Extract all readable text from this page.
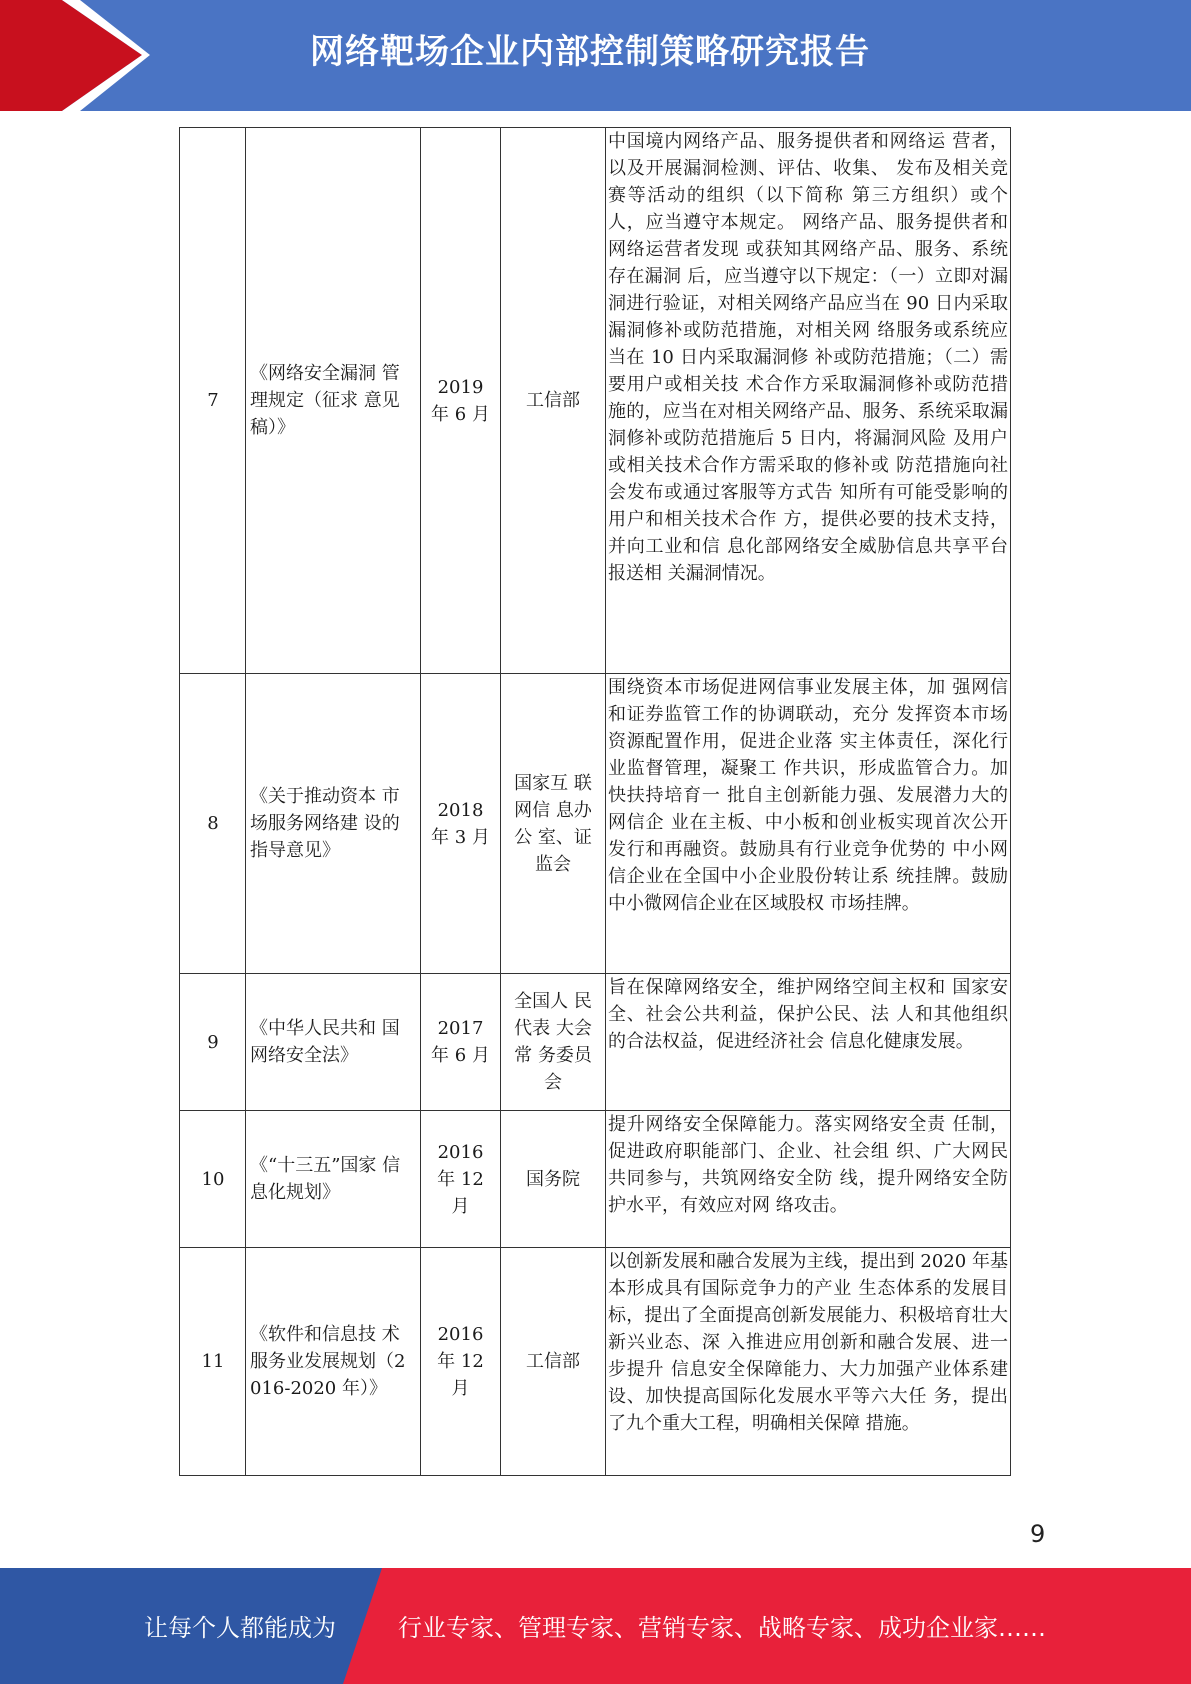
网络靶场企业内部控制策略研究报告
7	《网络安全漏洞 管理规定（征求 意见稿）》	2019 年 6 月	工信部	中国境内网络产品、服务提供者和网络运 营者，以及开展漏洞检测、评估、收集、 发布及相关竞赛等活动的组织（以下简称 第三方组织）或个人，应当遵守本规定。 网络产品、服务提供者和网络运营者发现 或获知其网络产品、服务、系统存在漏洞 后，应当遵守以下规定：（一）立即对漏 洞进行验证，对相关网络产品应当在 90 日内采取漏洞修补或防范措施，对相关网 络服务或系统应当在 10 日内采取漏洞修 补或防范措施；（二）需要用户或相关技 术合作方采取漏洞修补或防范措施的，应当在对相关网络产品、服务、系统采取漏 洞修补或防范措施后 5 日内，将漏洞风险 及用户或相关技术合作方需采取的修补或 防范措施向社会发布或通过客服等方式告 知所有可能受影响的用户和相关技术合作 方，提供必要的技术支持，并向工业和信 息化部网络安全威胁信息共享平台报送相 关漏洞情况。
8	《关于推动资本 市场服务网络建 设的指导意见》	2018 年 3 月	国家互 联网信 息办公 室、证监会	围绕资本市场促进网信事业发展主体，加 强网信和证券监管工作的协调联动，充分 发挥资本市场资源配置作用，促进企业落 实主体责任，深化行业监督管理，凝聚工 作共识，形成监管合力。加快扶持培育一 批自主创新能力强、发展潜力大的网信企 业在主板、中小板和创业板实现首次公开 发行和再融资。鼓励具有行业竞争优势的 中小网信企业在全国中小企业股份转让系 统挂牌。鼓励中小微网信企业在区域股权 市场挂牌。
9	《中华人民共和 国网络安全法》	2017 年 6 月	全国人 民代表 大会常 务委员会	旨在保障网络安全，维护网络空间主权和 国家安全、社会公共利益，保护公民、法 人和其他组织的合法权益，促进经济社会 信息化健康发展。
10	《“十三五”国家 信息化规划》	2016 年 12 月	国务院	提升网络安全保障能力。落实网络安全责 任制，促进政府职能部门、企业、社会组 织、广大网民共同参与，共筑网络安全防 线，提升网络安全防护水平，有效应对网 络攻击。
11	《软件和信息技 术服务业发展规划（2016-2020 年）》	2016 年 12 月	工信部	以创新发展和融合发展为主线，提出到 2020 年基本形成具有国际竞争力的产业 生态体系的发展目标，提出了全面提高创新发展能力、积极培育壮大新兴业态、深 入推进应用创新和融合发展、进一步提升 信息安全保障能力、大力加强产业体系建 设、加快提高国际化发展水平等六大任 务，提出了九个重大工程，明确相关保障 措施。
9
让每个人都能成为	行业专家、管理专家、营销专家、战略专家、成功企业家……
